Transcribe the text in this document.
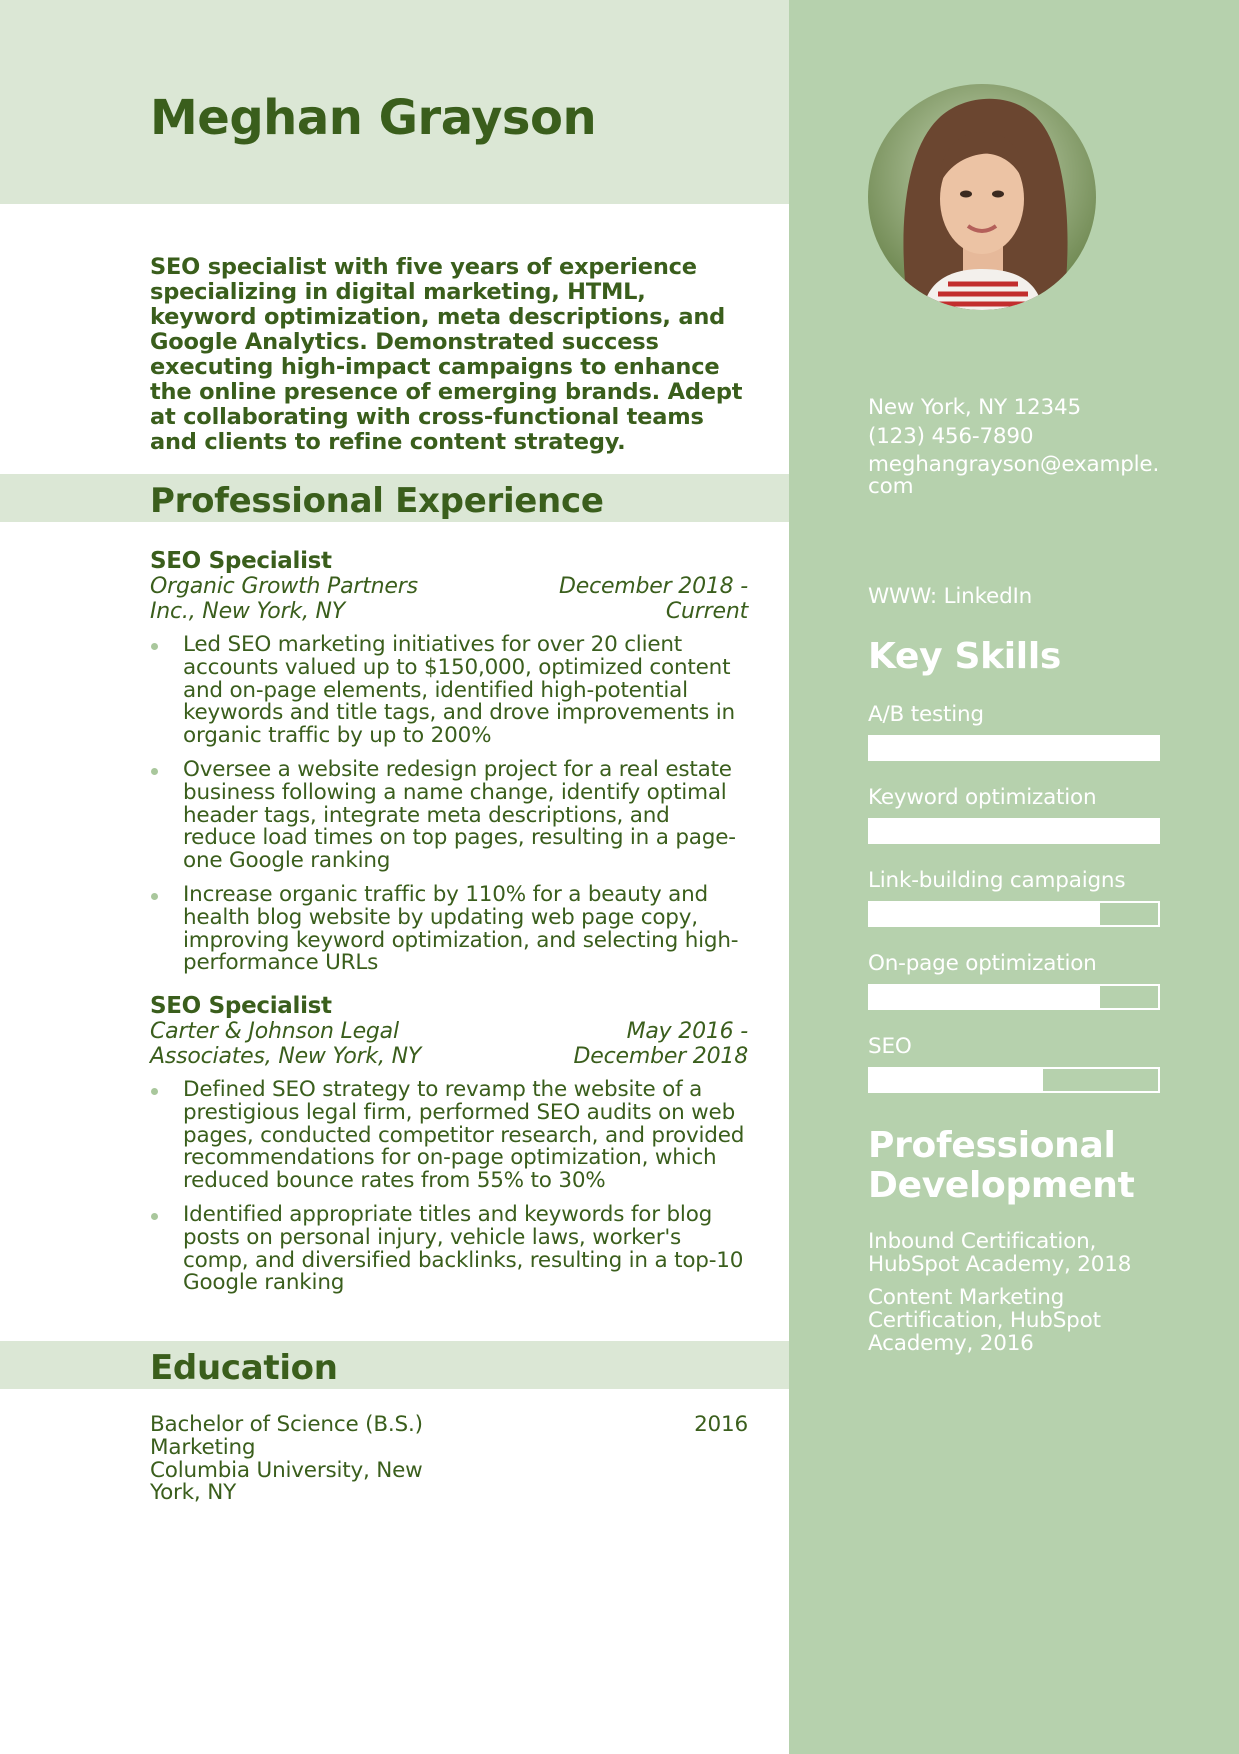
Meghan Grayson

SEO specialist with five years of experience specializing in digital marketing, HTML, keyword optimization, meta descriptions, and Google Analytics. Demonstrated success executing high-impact campaigns to enhance the online presence of emerging brands. Adept at collaborating with cross-functional teams and clients to refine content strategy.

Professional Experience
SEO Specialist
Organic Growth Partners Inc., New York, NY
December 2018 - Current
Led SEO marketing initiatives for over 20 client accounts valued up to $150,000, optimized content and on-page elements, identified high-potential keywords and title tags, and drove improvements in organic traffic by up to 200%
Oversee a website redesign project for a real estate business following a name change, identify optimal header tags, integrate meta descriptions, and reduce load times on top pages, resulting in a page-one Google ranking
Increase organic traffic by 110% for a beauty and health blog website by updating web page copy, improving keyword optimization, and selecting high-performance URLs
SEO Specialist
Carter & Johnson Legal Associates, New York, NY
May 2016 - December 2018
Defined SEO strategy to revamp the website of a prestigious legal firm, performed SEO audits on web pages, conducted competitor research, and provided recommendations for on-page optimization, which reduced bounce rates from 55% to 30%
Identified appropriate titles and keywords for blog posts on personal injury, vehicle laws, worker's comp, and diversified backlinks, resulting in a top-10 Google ranking
Education
Bachelor of Science (B.S.)
Marketing
Columbia University, New York, NY
2016
New York, NY 12345
(123) 456-7890
meghangrayson@example.
com
WWW: LinkedIn
Key Skills
A/B testing
Keyword optimization
Link-building campaigns
On-page optimization
SEO
Professional
Development
Inbound Certification, HubSpot Academy, 2018
Content Marketing Certification, HubSpot Academy, 2016
